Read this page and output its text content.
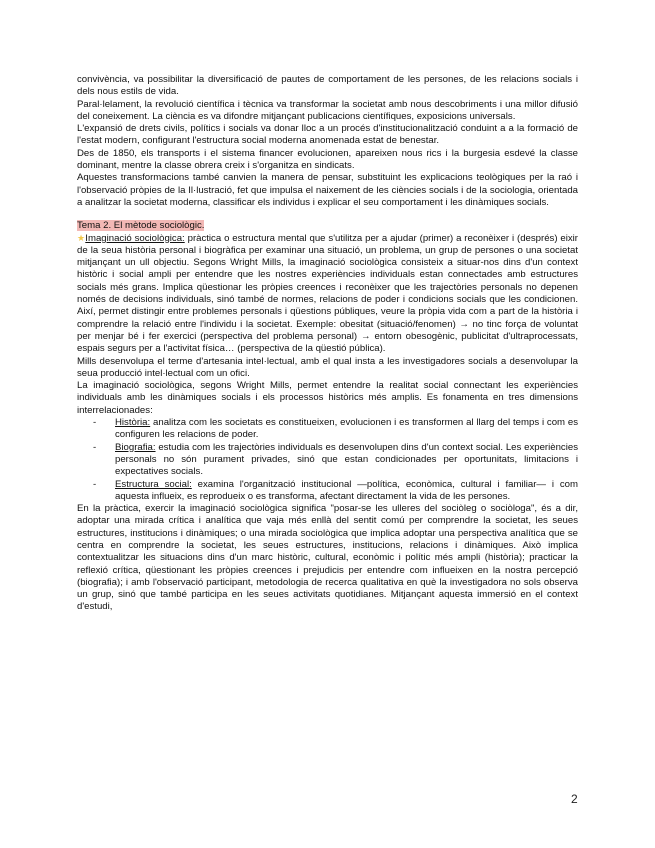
convivència, va possibilitar la diversificació de pautes de comportament de les persones, de les relacions socials i dels nous estils de vida.

Paral·lelament, la revolució científica i tècnica va transformar la societat amb nous descobriments i una millor difusió del coneixement. La ciència es va difondre mitjançant publicacions científiques, exposicions universals.

L'expansió de drets civils, polítics i socials va donar lloc a un procés d'institucionalització conduint a a la formació de l'estat modern, configurant l'estructura social moderna anomenada estat de benestar.

Des de 1850, els transports i el sistema financer evolucionen, apareixen nous rics i la burgesia esdevé la classe dominant, mentre la classe obrera creix i s'organitza en sindicats.

Aquestes transformacions també canvien la manera de pensar, substituint les explicacions teològiques per la raó i l'observació pròpies de la Il·lustració, fet que impulsa el naixement de les ciències socials i de la sociologia, orientada a analitzar la societat moderna, classificar els individus i explicar el seu comportament i les dinàmiques socials.

Tema 2. El mètode sociològic.

★Imaginació sociològica: pràctica o estructura mental que s'utilitza per a ajudar (primer) a reconèixer i (després) eixir de la seua història personal i biogràfica per examinar una situació, un problema, un grup de persones o una societat mitjançant un ull objectiu. Segons Wright Mills, la imaginació sociològica consisteix a situar-nos dins d'un context històric i social ampli per entendre que les nostres experiències individuals estan connectades amb estructures socials més grans. Implica qüestionar les pròpies creences i reconèixer que les trajectòries personals no depenen només de decisions individuals, sinó també de normes, relacions de poder i condicions socials que les condicionen. Així, permet distingir entre problemes personals i qüestions públiques, veure la pròpia vida com a part de la història i comprendre la relació entre l'individu i la societat. Exemple: obesitat (situació/fenomen) → no tinc força de voluntat per menjar bé i fer exercici (perspectiva del problema personal) → entorn obesogènic, publicitat d'ultraprocessats, espais segurs per a l'activitat física… (perspectiva de la qüestió pública).

Mills desenvolupa el terme d'artesania intel·lectual, amb el qual insta a les investigadores socials a desenvolupar la seua producció intel·lectual com un ofici.

La imaginació sociològica, segons Wright Mills, permet entendre la realitat social connectant les experiències individuals amb les dinàmiques socials i els processos històrics més amplis. Es fonamenta en tres dimensions interrelacionades:

- Història: analitza com les societats es constitueixen, evolucionen i es transformen al llarg del temps i com es configuren les relacions de poder.
- Biografia: estudia com les trajectòries individuals es desenvolupen dins d'un context social. Les experiències personals no són purament privades, sinó que estan condicionades per oportunitats, limitacions i expectatives socials.
- Estructura social: examina l'organització institucional —política, econòmica, cultural i familiar— i com aquesta influeix, es reprodueix o es transforma, afectant directament la vida de les persones.

En la pràctica, exercir la imaginació sociològica significa "posar-se les ulleres del sociòleg o sociòloga", és a dir, adoptar una mirada crítica i analítica que vaja més enllà del sentit comú per comprendre la societat, les seues estructures, institucions i dinàmiques; o una mirada sociològica que implica adoptar una perspectiva analítica que se centra en comprendre la societat, les seues estructures, institucions, relacions i dinàmiques. Això implica contextualitzar les situacions dins d'un marc històric, cultural, econòmic i polític més ampli (història); practicar la reflexió crítica, qüestionant les pròpies creences i prejudicis per entendre com influeixen en la nostra percepció (biografia); i amb l'observació participant, metodologia de recerca qualitativa en què la investigadora no sols observa un grup, sinó que també participa en les seues activitats quotidianes. Mitjançant aquesta immersió en el context d'estudi,

2
